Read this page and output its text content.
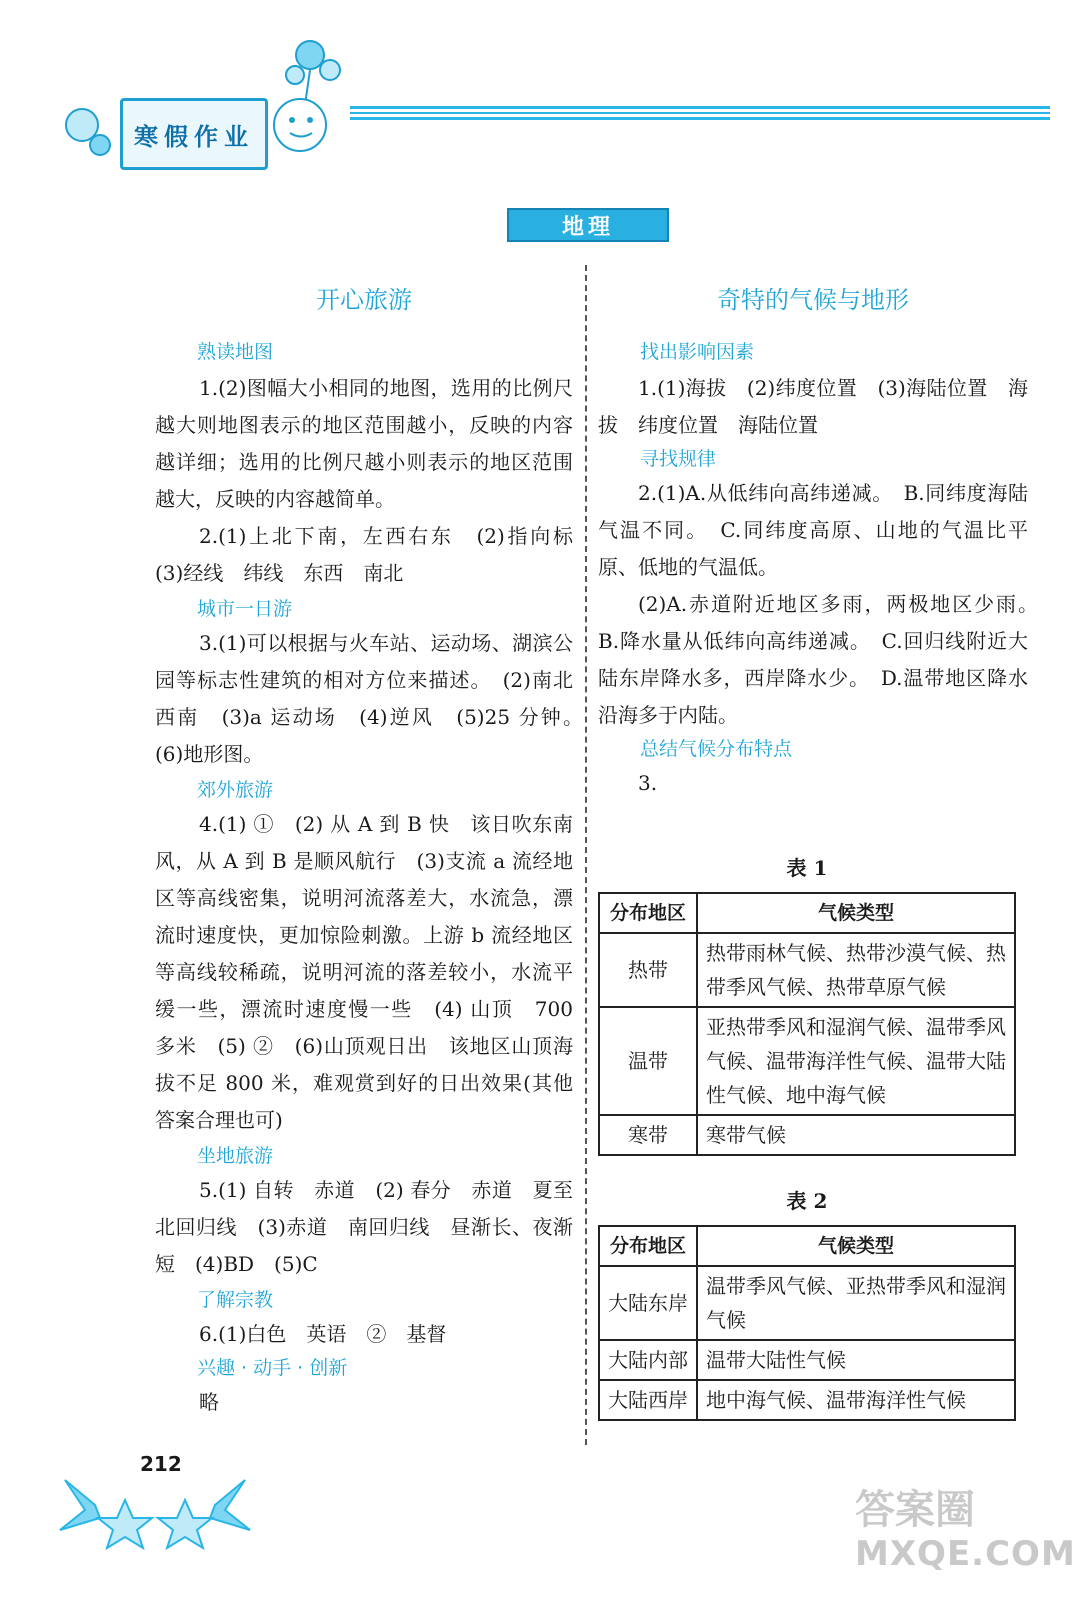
寒假作业
地理
开心旅游
熟读地图

1.(2)图幅大小相同的地图，选用的比例尺越大则地图表示的地区范围越小，反映的内容越详细；选用的比例尺越小则表示的地区范围越大，反映的内容越简单。

2.(1)上北下南，左西右东　(2)指向标　(3)经线　纬线　东西　南北

城市一日游

3.(1)可以根据与火车站、运动场、湖滨公园等标志性建筑的相对方位来描述。　(2)南北　西南　(3)a 运动场　(4)逆风　(5)25 分钟。　(6)地形图。

郊外旅游

4.(1) ①　(2) 从 A 到 B 快　该日吹东南风，从 A 到 B 是顺风航行　(3)支流 a 流经地区等高线密集，说明河流落差大，水流急，漂流时速度快，更加惊险刺激。上游 b 流经地区等高线较稀疏，说明河流的落差较小，水流平缓一些，漂流时速度慢一些　(4) 山顶　700 多米　(5) ②　(6)山顶观日出　该地区山顶海拔不足 800 米，难观赏到好的日出效果(其他答案合理也可)

坐地旅游

5.(1) 自转　赤道　(2) 春分　赤道　夏至　北回归线　(3)赤道　南回归线　昼渐长、夜渐短　(4)BD　(5)C

了解宗教

6.(1)白色　英语　②　基督

兴趣 · 动手 · 创新

略

奇特的气候与地形
找出影响因素

1.(1)海拔　(2)纬度位置　(3)海陆位置　海拔　纬度位置　海陆位置

寻找规律

2.(1)A.从低纬向高纬递减。　B.同纬度海陆气温不同。　C.同纬度高原、山地的气温比平原、低地的气温低。

(2)A.赤道附近地区多雨，两极地区少雨。　B.降水量从低纬向高纬递减。　C.回归线附近大陆东岸降水多，西岸降水少。　D.温带地区降水沿海多于内陆。

总结气候分布特点

3.

表 1
分布地区	气候类型
热带	热带雨林气候、热带沙漠气候、热带季风气候、热带草原气候
温带	亚热带季风和湿润气候、温带季风气候、温带海洋性气候、温带大陆性气候、地中海气候
寒带	寒带气候
表 2
分布地区	气候类型
大陆东岸	温带季风气候、亚热带季风和湿润气候
大陆内部	温带大陆性气候
大陆西岸	地中海气候、温带海洋性气候
212
答案圈
MXQE.COM
